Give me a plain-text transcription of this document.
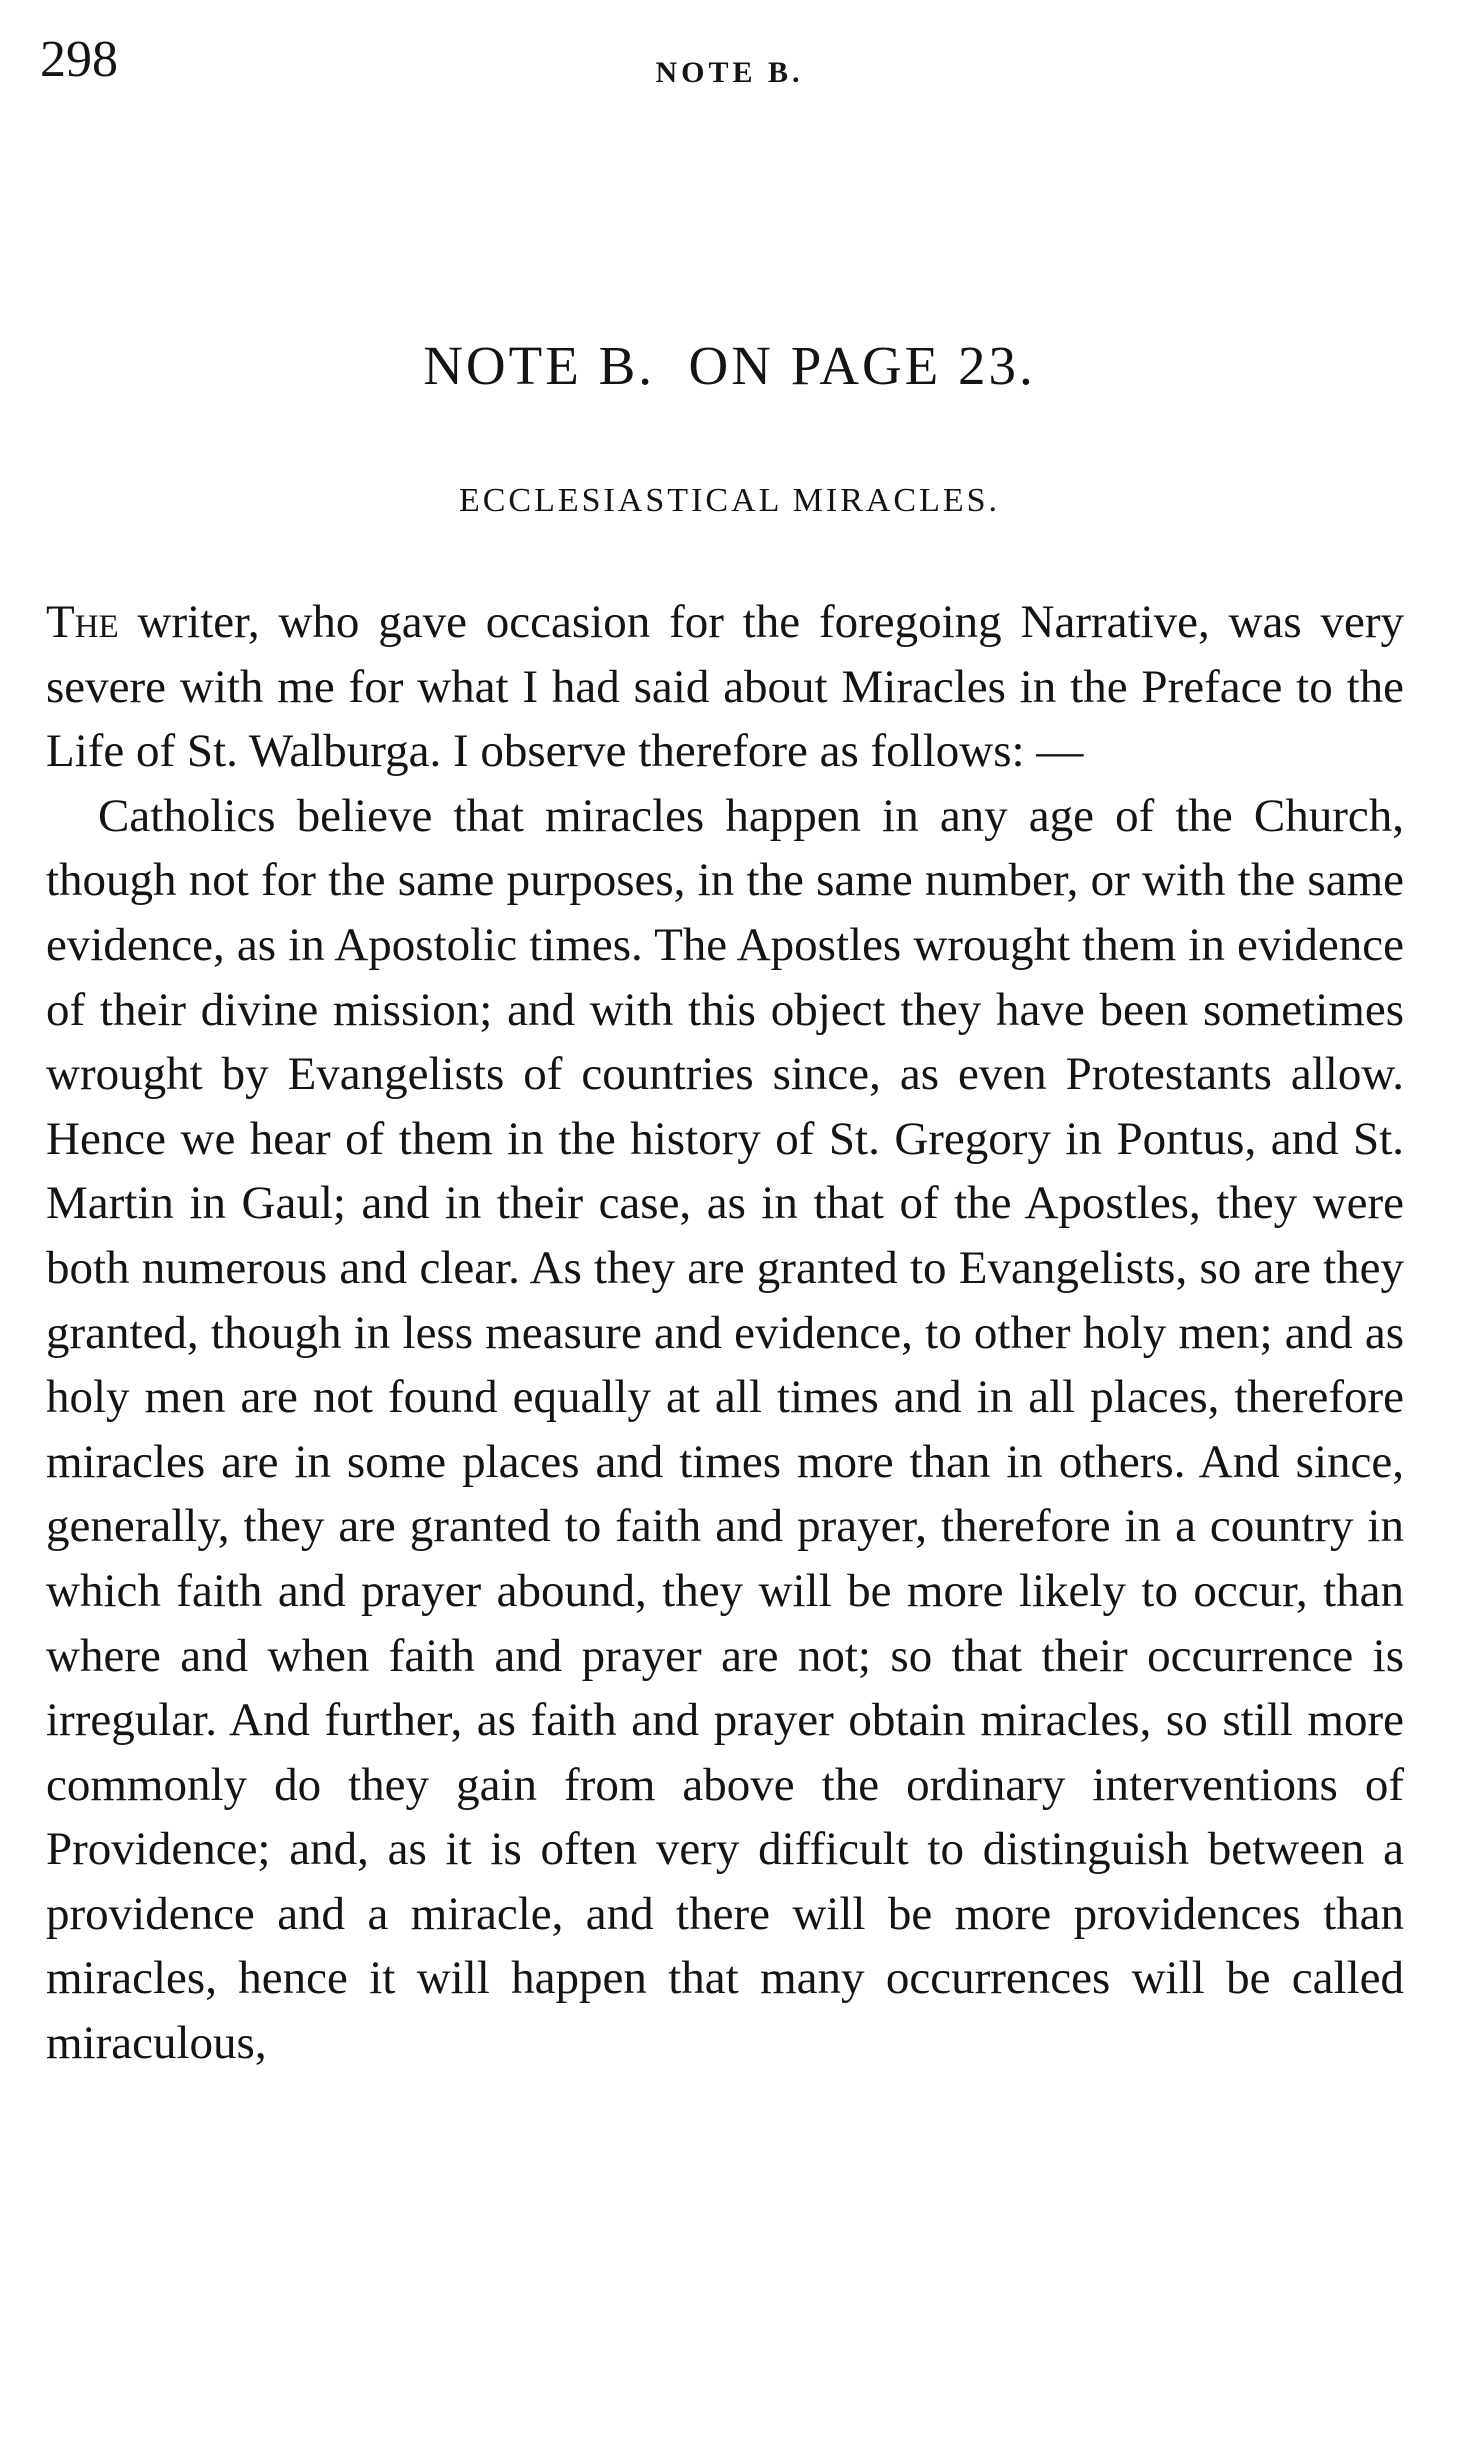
298	NOTE B.
NOTE B.  ON PAGE 23.
ECCLESIASTICAL MIRACLES.

The writer, who gave occasion for the foregoing Narrative, was very severe with me for what I had said about Miracles in the Preface to the Life of St. Walburga. I observe therefore as follows: —

Catholics believe that miracles happen in any age of the Church, though not for the same purposes, in the same number, or with the same evidence, as in Apostolic times. The Apostles wrought them in evidence of their divine mission; and with this object they have been sometimes wrought by Evangelists of countries since, as even Protestants allow. Hence we hear of them in the history of St. Gregory in Pontus, and St. Martin in Gaul; and in their case, as in that of the Apostles, they were both numerous and clear. As they are granted to Evangelists, so are they granted, though in less measure and evidence, to other holy men; and as holy men are not found equally at all times and in all places, therefore miracles are in some places and times more than in others. And since, generally, they are granted to faith and prayer, therefore in a country in which faith and prayer abound, they will be more likely to occur, than where and when faith and prayer are not; so that their occurrence is irregular. And further, as faith and prayer obtain miracles, so still more commonly do they gain from above the ordinary interventions of Providence; and, as it is often very difficult to distinguish between a providence and a miracle, and there will be more providences than miracles, hence it will happen that many occurrences will be called miraculous,
